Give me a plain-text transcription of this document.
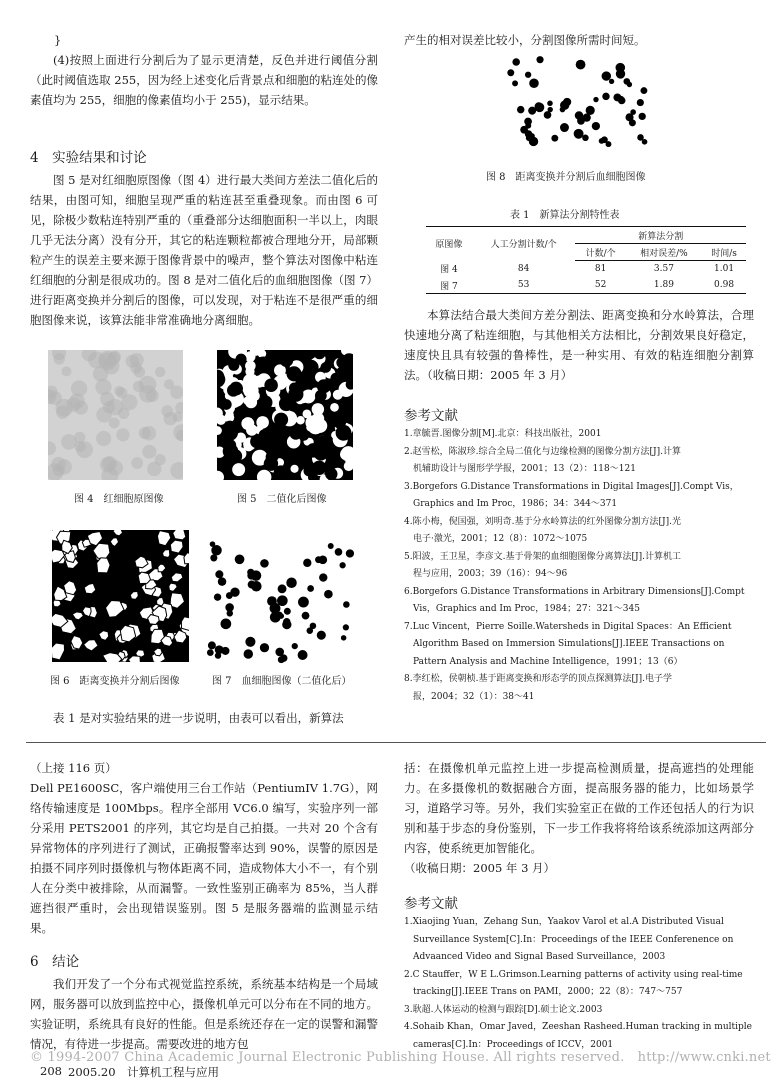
}
(4)按照上面进行分割后为了显示更清楚，反色并进行阈值分割（此时阈值选取 255，因为经上述变化后背景点和细胞的粘连处的像素值均为 255，细胞的像素值均小于 255)，显示结果。
4　实验结果和讨论
图 5 是对红细胞原图像（图 4）进行最大类间方差法二值化后的结果，由图可知，细胞呈现严重的粘连甚至重叠现象。而由图 6 可见，除极少数粘连特别严重的（重叠部分达细胞面积一半以上，肉眼几乎无法分离）没有分开，其它的粘连颗粒都被合理地分开，局部颗粒产生的误差主要来源于图像背景中的噪声，整个算法对图像中粘连红细胞的分割是很成功的。图 8 是对二值化后的血细胞图像（图 7）进行距离变换并分割后的图像，可以发现，对于粘连不是很严重的细胞图像来说，该算法能非常准确地分离细胞。
图 4　红细胞原图像	图 5　二值化后图像
图 6　距离变换并分割后图像	图 7　血细胞图像（二值化后）
表 1 是对实验结果的进一步说明，由表可以看出，新算法
产生的相对误差比较小，分割图像所需时间短。
图 8　距离变换并分割后血细胞图像
表 1　新算法分割特性表
原图像	人工分割计数/个	新算法分割		
		计数/个	相对误差/%	时间/s
图 4	84	81	3.57	1.01
图 7	53	52	1.89	0.98
本算法结合最大类间方差分割法、距离变换和分水岭算法，合理快速地分离了粘连细胞，与其他相关方法相比，分割效果良好稳定，速度快且具有较强的鲁棒性，是一种实用、有效的粘连细胞分割算法。（收稿日期：2005 年 3 月）
参考文献
1.章毓晋.图像分割[M].北京：科技出版社，2001
2.赵雪松，陈淑珍.综合全局二值化与边缘检测的图像分割方法[J].计算
　机辅助设计与图形学学报，2001；13（2）：118～121
3.Borgefors G.Distance Transformations in Digital Images[J].Compt Vis，
　Graphics and Im Proc，1986；34：344～371
4.陈小梅，倪国强，刘明奇.基于分水岭算法的红外图像分割方法[J].光
　电子·激光，2001；12（8）：1072～1075
5.阳波，王卫星，李彦文.基于骨架的血细胞图像分离算法[J].计算机工
　程与应用，2003；39（16）：94～96
6.Borgefors G.Distance Transformations in Arbitrary Dimensions[J].Compt
　Vis，Graphics and Im Proc，1984；27：321～345
7.Luc Vincent，Pierre Soille.Watersheds in Digital Spaces：An Efficient
　Algorithm Based on Immersion Simulations[J].IEEE Transactions on
　Pattern Analysis and Machine Intelligence，1991；13（6）
8.李红松，侯朝桢.基于距离变换和形态学的顶点探测算法[J].电子学
　报，2004；32（1）：38～41
（上接 116 页）
Dell PE1600SC，客户端使用三台工作站（PentiumIV 1.7G），网络传输速度是 100Mbps。程序全部用 VC6.0 编写，实验序列一部分采用 PETS2001 的序列，其它均是自己拍摄。一共对 20 个含有异常物体的序列进行了测试，正确报警率达到 90%，误警的原因是拍摄不同序列时摄像机与物体距离不同，造成物体大小不一，有个别人在分类中被排除，从而漏警。一致性鉴别正确率为 85%，当人群遮挡很严重时，会出现错误鉴别。图 5 是服务器端的监测显示结果。
6　结论
我们开发了一个分布式视觉监控系统，系统基本结构是一个局域网，服务器可以放到监控中心，摄像机单元可以分布在不同的地方。实验证明，系统具有良好的性能。但是系统还存在一定的误警和漏警情况，有待进一步提高。需要改进的地方包
括：在摄像机单元监控上进一步提高检测质量，提高遮挡的处理能力。在多摄像机的数据融合方面，提高服务器的能力，比如场景学习，道路学习等。另外，我们实验室正在做的工作还包括人的行为识别和基于步态的身份鉴别，下一步工作我将将给该系统添加这两部分内容，使系统更加智能化。
（收稿日期：2005 年 3 月）
参考文献
1.Xiaojing Yuan，Zehang Sun，Yaakov Varol et al.A Distributed Visual
　Surveillance System[C].In：Proceedings of the IEEE Conferenence on
　Advaanced Video and Signal Based Surveillance，2003
2.C Stauffer，W E L.Grimson.Learning patterns of activity using real-time
　tracking[J].IEEE Trans on PAMI，2000；22（8）：747～757
3.耿超.人体运动的检测与跟踪[D].硕士论文.2003
4.Sohaib Khan，Omar Javed，Zeeshan Rasheed.Human tracking in multiple
　cameras[C].In：Proceedings of ICCV，2001
© 1994-2007 China Academic Journal Electronic Publishing House. All rights reserved.　http://www.cnki.net
208 2005.20　计算机工程与应用
